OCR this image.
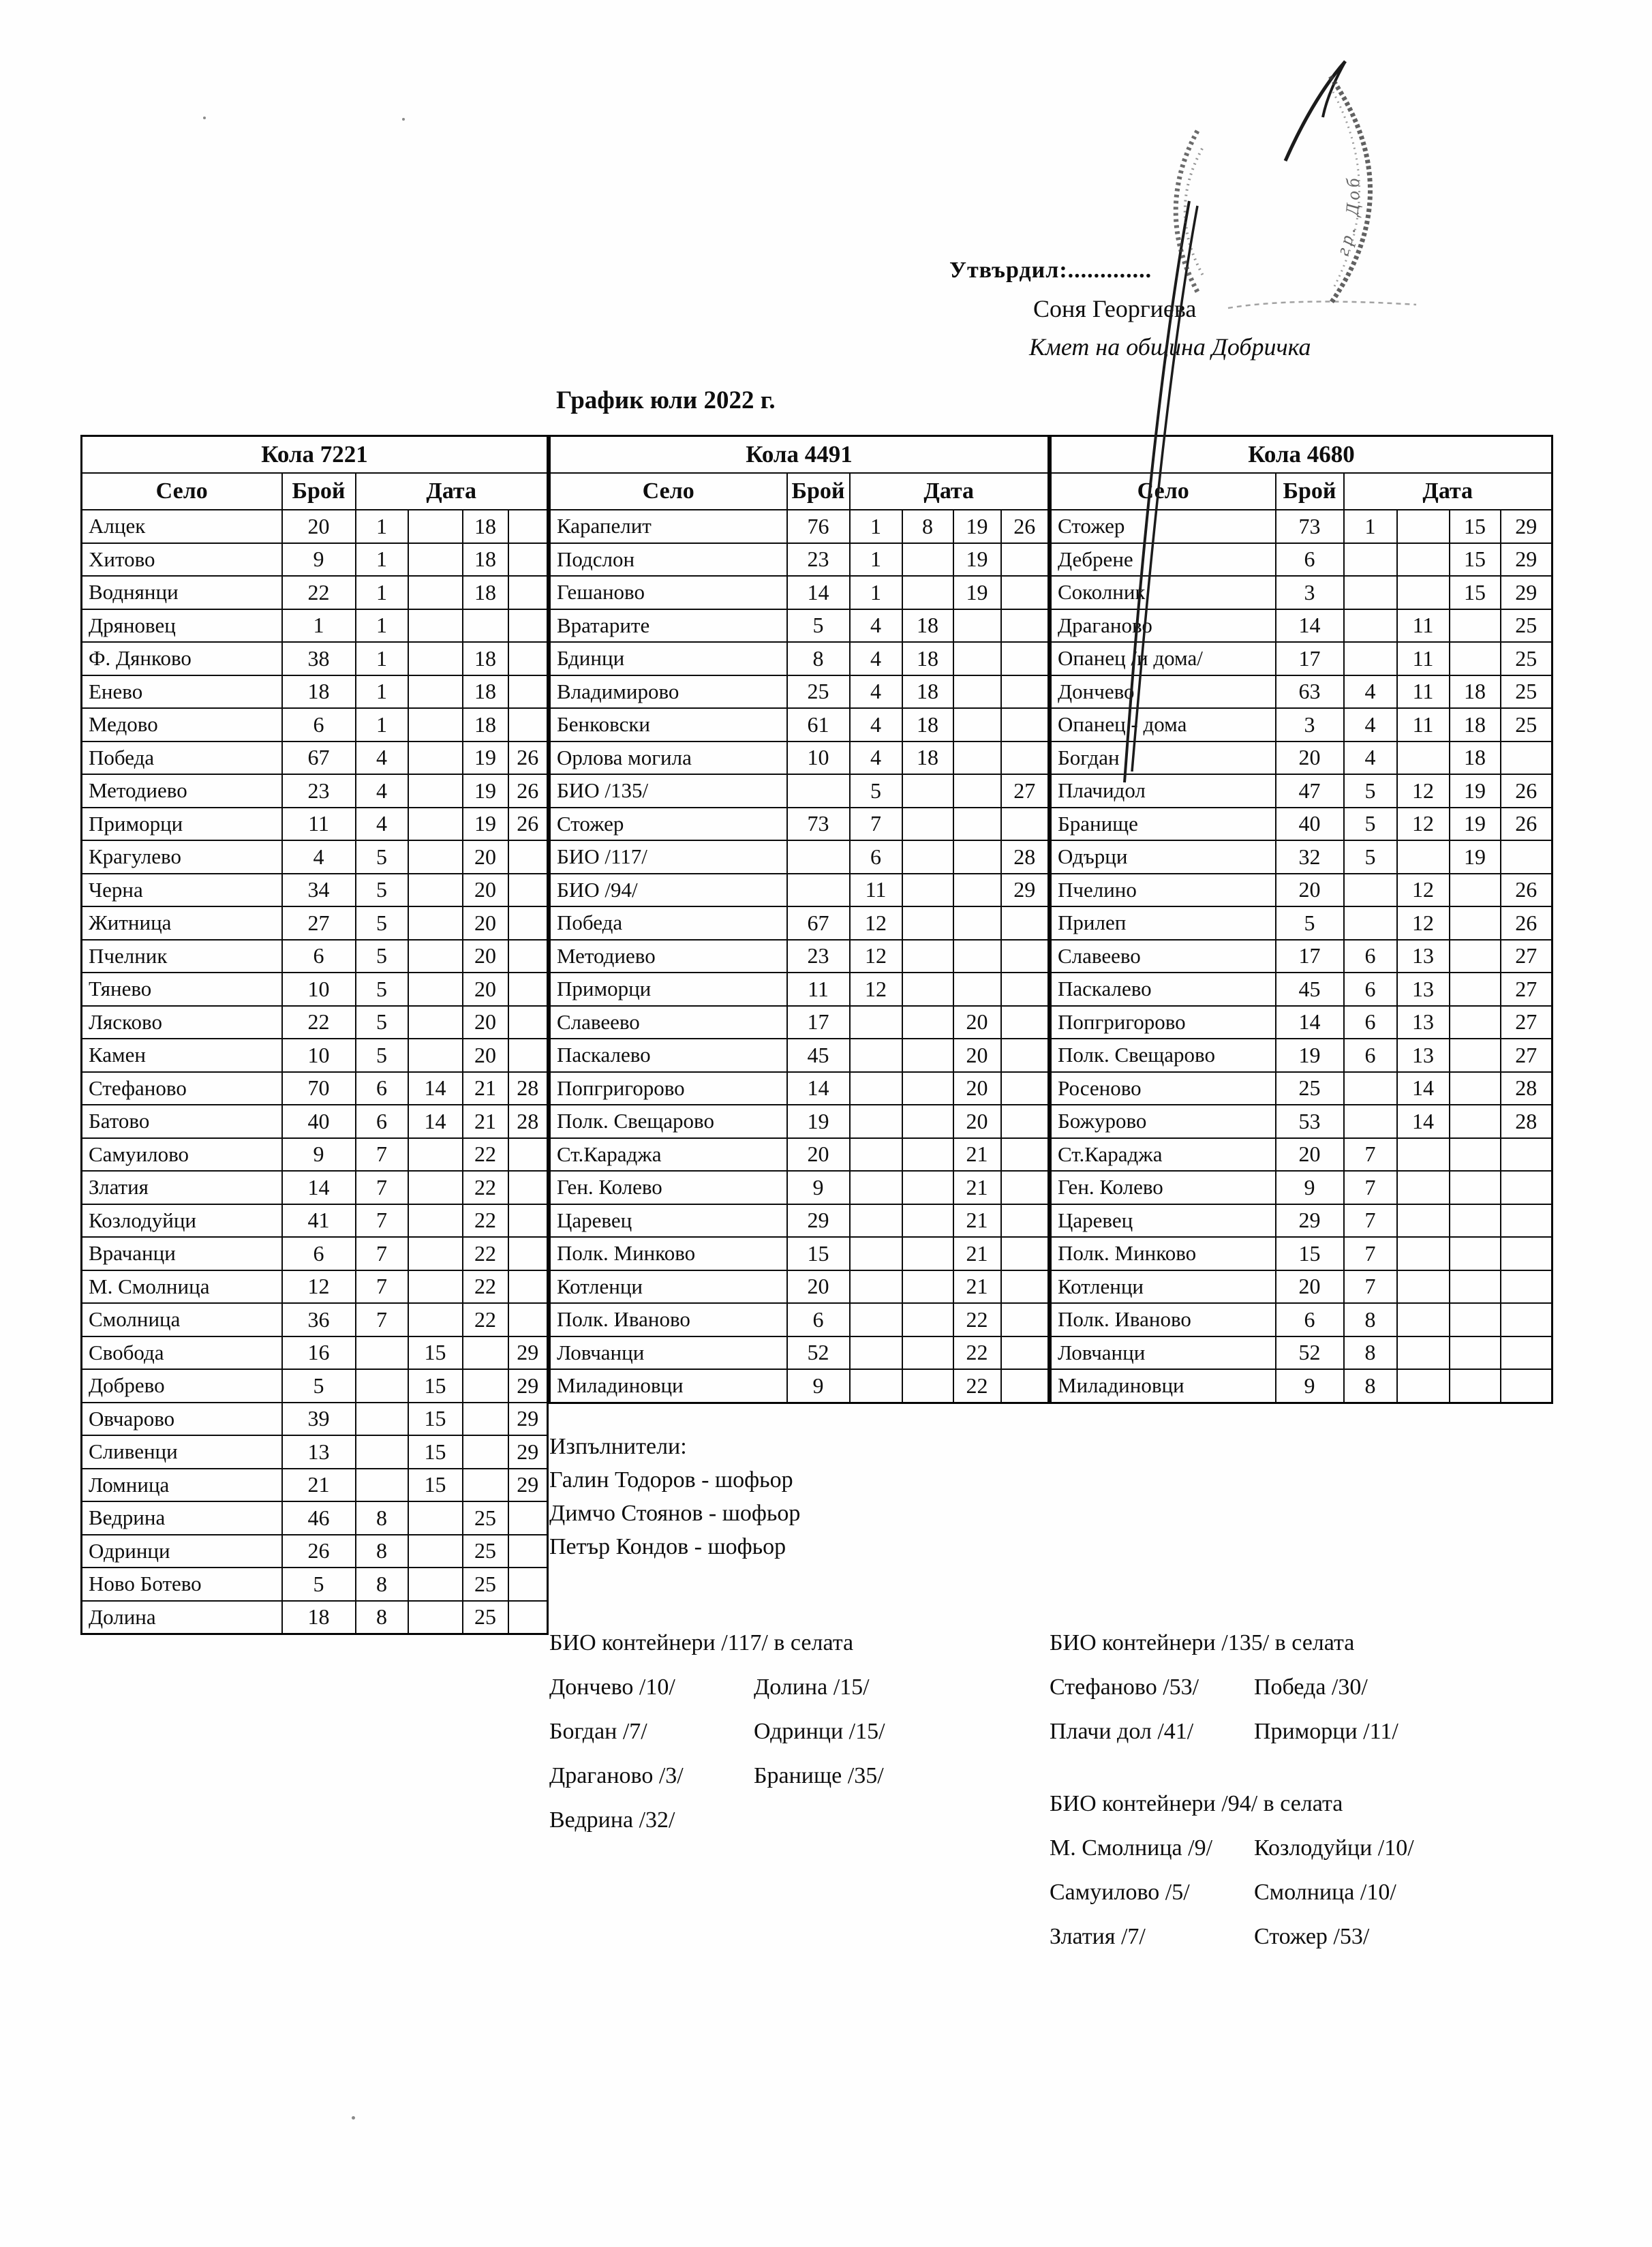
Утвърдил:.............
Соня Георгиева
Кмет на община Добричка
График юли 2022 г.
Кола 7221					
Село	Брой	Дата			
Алцек	20	1		18	
Хитово	9	1		18	
Воднянци	22	1		18	
Дряновец	1	1			
Ф. Дянково	38	1		18	
Енево	18	1		18	
Медово	6	1		18	
Победа	67	4		19	26
Методиево	23	4		19	26
Приморци	11	4		19	26
Крагулево	4	5		20	
Черна	34	5		20	
Житница	27	5		20	
Пчелник	6	5		20	
Тянево	10	5		20	
Лясково	22	5		20	
Камен	10	5		20	
Стефаново	70	6	14	21	28
Батово	40	6	14	21	28
Самуилово	9	7		22	
Златия	14	7		22	
Козлодуйци	41	7		22	
Врачанци	6	7		22	
М. Смолница	12	7		22	
Смолница	36	7		22	
Свобода	16		15		29
Добрево	5		15		29
Овчарово	39		15		29
Сливенци	13		15		29
Ломница	21		15		29
Ведрина	46	8		25	
Одринци	26	8		25	
Ново Ботево	5	8		25	
Долина	18	8		25	
Кола 4491					
Село	Брой	Дата			
Карапелит	76	1	8	19	26
Подслон	23	1		19	
Гешаново	14	1		19	
Вратарите	5	4	18		
Бдинци	8	4	18		
Владимирово	25	4	18		
Бенковски	61	4	18		
Орлова могила	10	4	18		
БИО /135/		5			27
Стожер	73	7			
БИО /117/		6			28
БИО /94/		11			29
Победа	67	12			
Методиево	23	12			
Приморци	11	12			
Славеево	17			20	
Паскалево	45			20	
Попгригорово	14			20	
Полк. Свещарово	19			20	
Ст.Караджа	20			21	
Ген. Колево	9			21	
Царевец	29			21	
Полк. Минково	15			21	
Котленци	20			21	
Полк. Иваново	6			22	
Ловчанци	52			22	
Миладиновци	9			22	
Кола 4680					
Село	Брой	Дата			
Стожер	73	1		15	29
Дебрене	6			15	29
Соколник	3			15	29
Драганово	14		11		25
Опанец /и дома/	17		11		25
Дончево	63	4	11	18	25
Опанец - дома	3	4	11	18	25
Богдан	20	4		18	
Плачидол	47	5	12	19	26
Бранище	40	5	12	19	26
Одърци	32	5		19	
Пчелино	20		12		26
Прилеп	5		12		26
Славеево	17	6	13		27
Паскалево	45	6	13		27
Попгригорово	14	6	13		27
Полк. Свещарово	19	6	13		27
Росеново	25		14		28
Божурово	53		14		28
Ст.Караджа	20	7			
Ген. Колево	9	7			
Царевец	29	7			
Полк. Минково	15	7			
Котленци	20	7			
Полк. Иваново	6	8			
Ловчанци	52	8			
Миладиновци	9	8			
Изпълнители:
Галин Тодоров - шофьор
Димчо Стоянов - шофьор
Петър Кондов - шофьор
БИО контейнери /117/ в селата
Дончево /10/	Долина /15/
Богдан /7/	Одринци /15/
Драганово /3/	Бранище /35/
Ведрина /32/
БИО контейнери /135/ в селата
Стефаново /53/	Победа /30/
Плачи дол /41/	Приморци /11/
БИО контейнери /94/ в селата
М. Смолница /9/	Козлодуйци /10/
Самуилово /5/	Смолница /10/
Златия /7/	Стожер /53/
гр. Доб
